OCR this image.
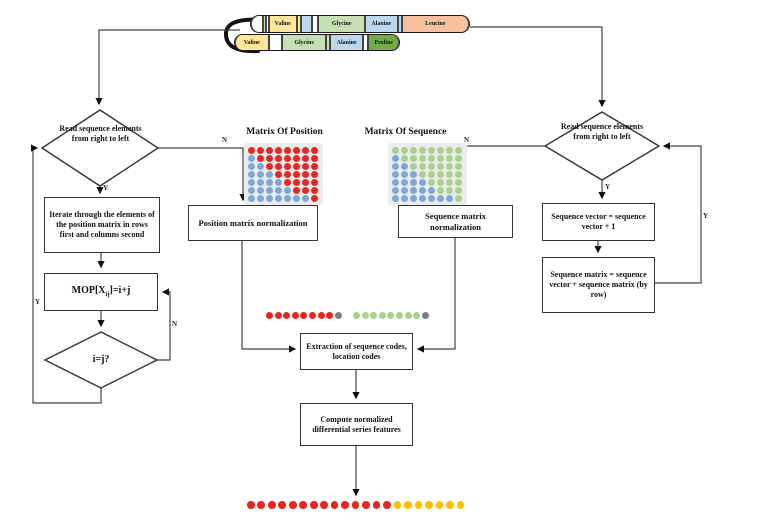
Valine	Glycine	Alanine	Leucine
Valine	Glycine	Alanine	Proline
Read sequence elements from right to left
Iterate through the elements of the position matrix in rows first and columns second
$MOP[X_{ij}]=i+j$
i=j?
Matrix Of Position
Position matrix normalization
Matrix Of Sequence
Sequence matrix normalization
Read sequence elements from right to left
Sequence vector = sequence vector + 1
Sequence matrix = sequence vector + sequence matrix (by row)
Extraction of sequence codes, location codes
Compute normalized differential series features
N	N
Y	Y
N
Y
Y
